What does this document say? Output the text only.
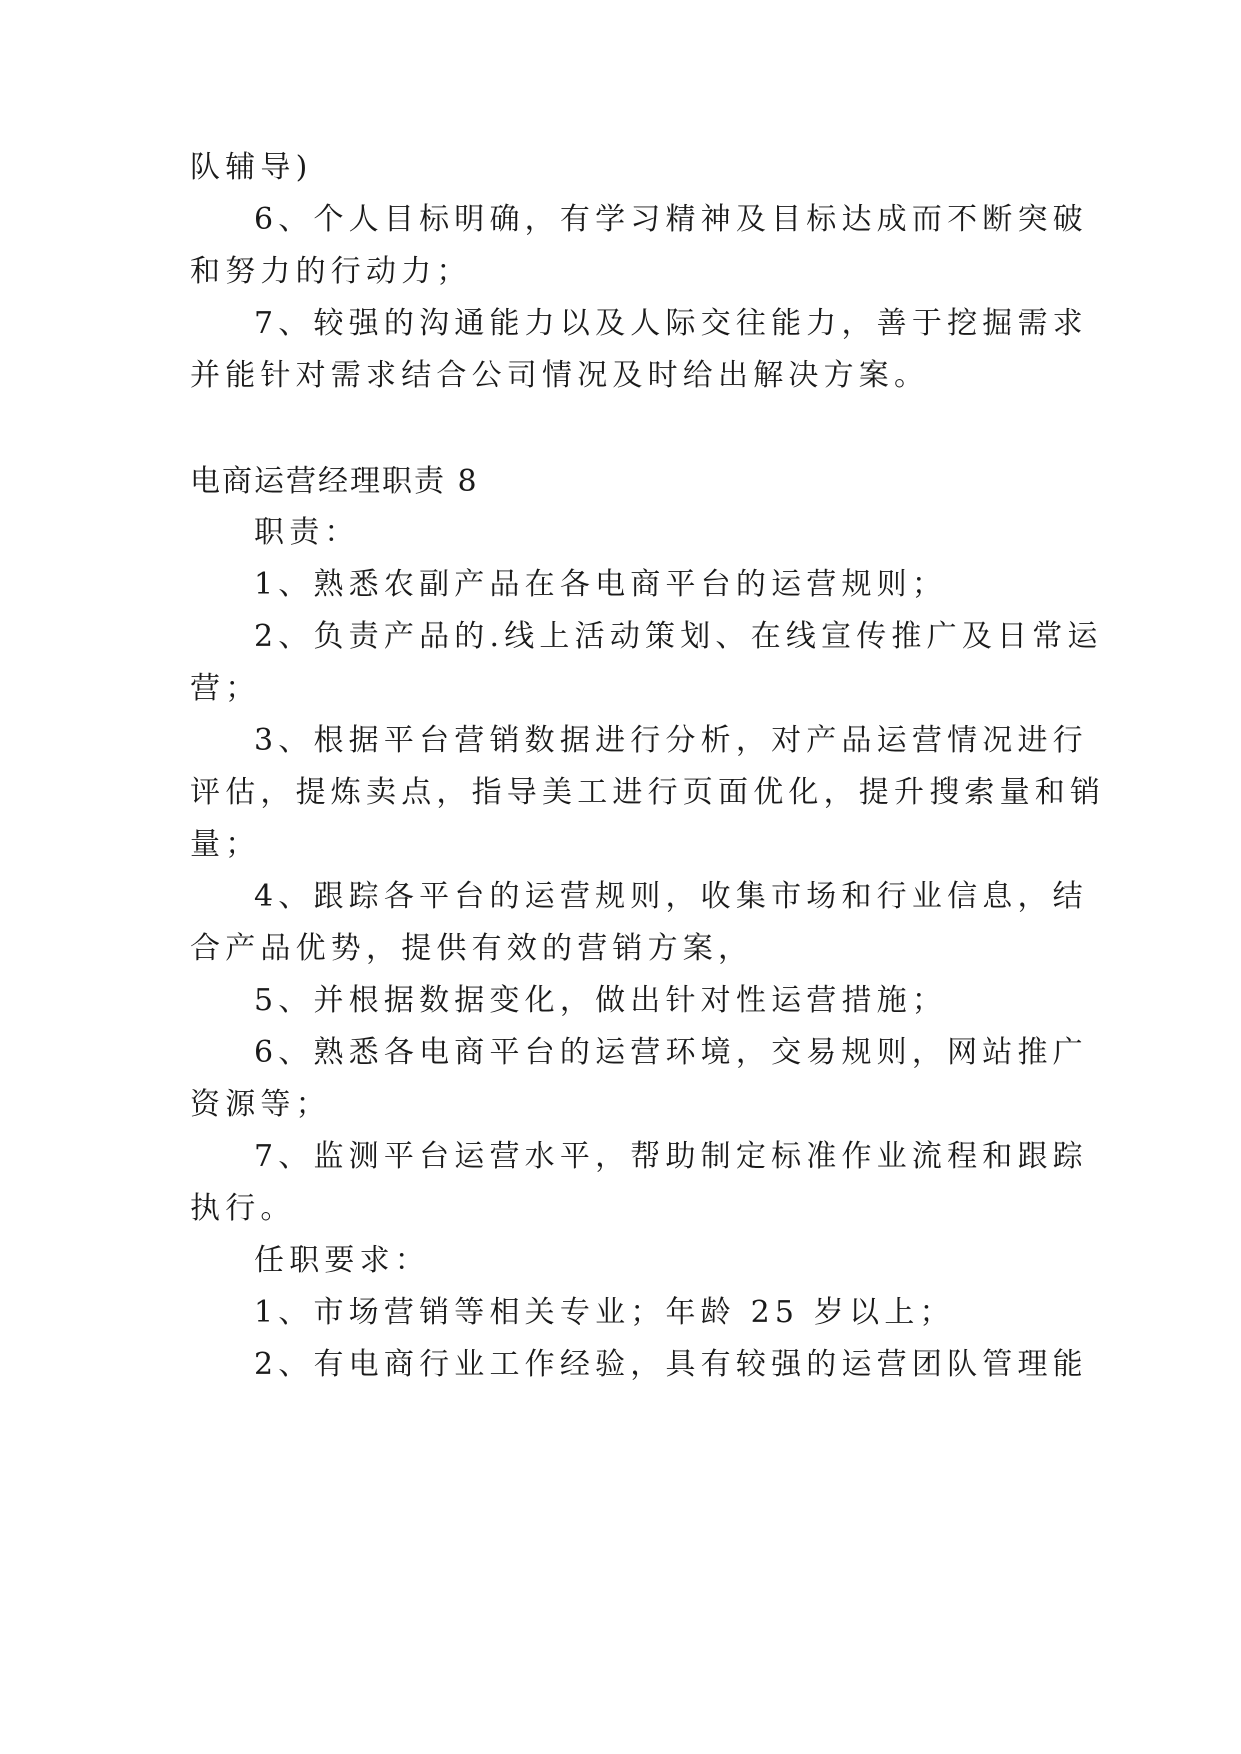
队辅导)
6、个人目标明确，有学习精神及目标达成而不断突破
和努力的行动力；
7、较强的沟通能力以及人际交往能力，善于挖掘需求
并能针对需求结合公司情况及时给出解决方案。
电商运营经理职责 8
职责：
1、熟悉农副产品在各电商平台的运营规则；
2、负责产品的.线上活动策划、在线宣传推广及日常运
营；
3、根据平台营销数据进行分析，对产品运营情况进行
评估，提炼卖点，指导美工进行页面优化，提升搜索量和销
量；
4、跟踪各平台的运营规则，收集市场和行业信息，结
合产品优势，提供有效的营销方案，
5、并根据数据变化，做出针对性运营措施；
6、熟悉各电商平台的运营环境，交易规则，网站推广
资源等；
7、监测平台运营水平，帮助制定标准作业流程和跟踪
执行。
任职要求：
1、市场营销等相关专业；年龄 25 岁以上；
2、有电商行业工作经验，具有较强的运营团队管理能
